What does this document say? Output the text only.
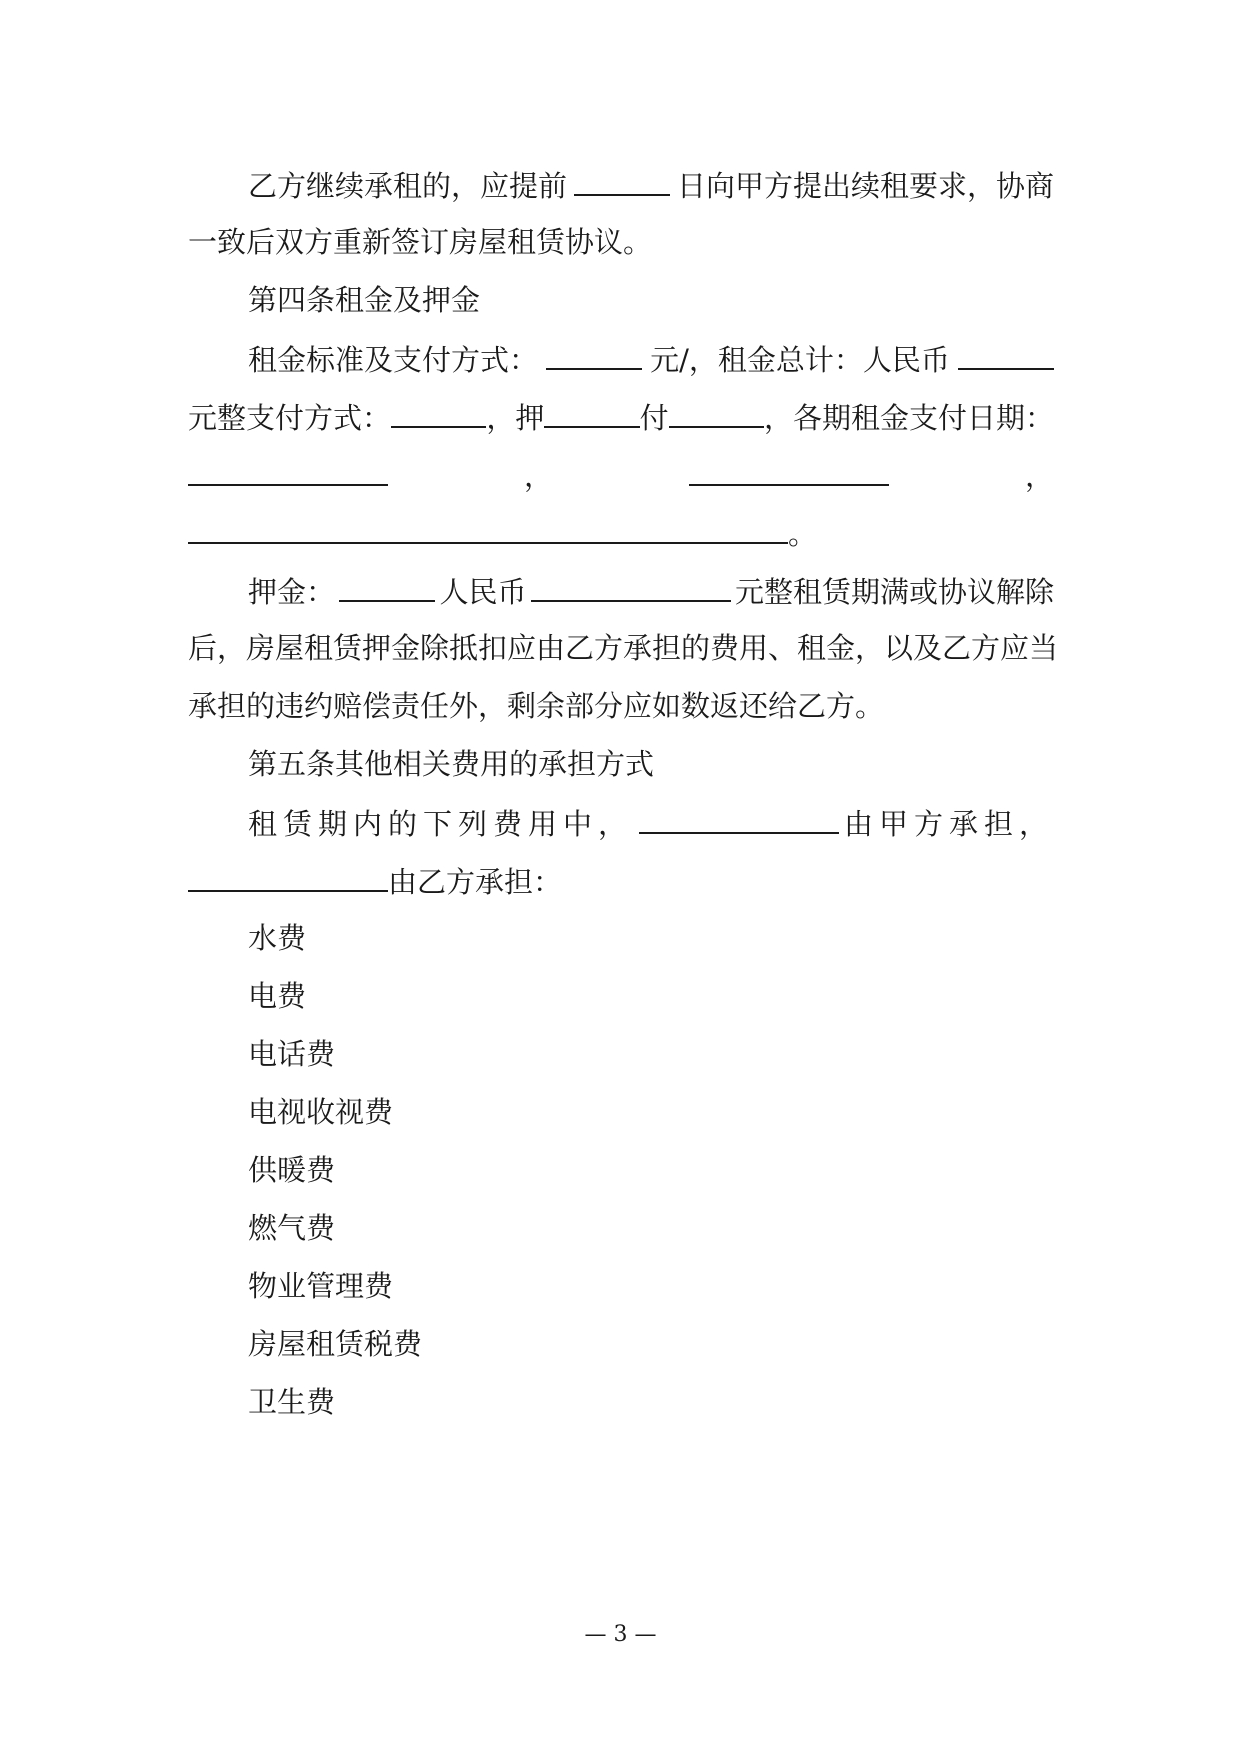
乙方继续承租的，应提前	日向甲方提出续租要求，协商
一致后双方重新签订房屋租赁协议。
第四条租金及押金
租金标准及支付方式：	元/，租金总计：人民币
元整支付方式：	，押	付	，各期租金支付日期：
，	，
。
押金：	人民币	元整租赁期满或协议解除
后，房屋租赁押金除抵扣应由乙方承担的费用、租金，以及乙方应当
承担的违约赔偿责任外，剩余部分应如数返还给乙方。
第五条其他相关费用的承担方式
租赁期内的下列费用中，	由甲方承担，
由乙方承担：
水费
电费
电话费
电视收视费
供暖费
燃气费
物业管理费
房屋租赁税费
卫生费
— 3 —
